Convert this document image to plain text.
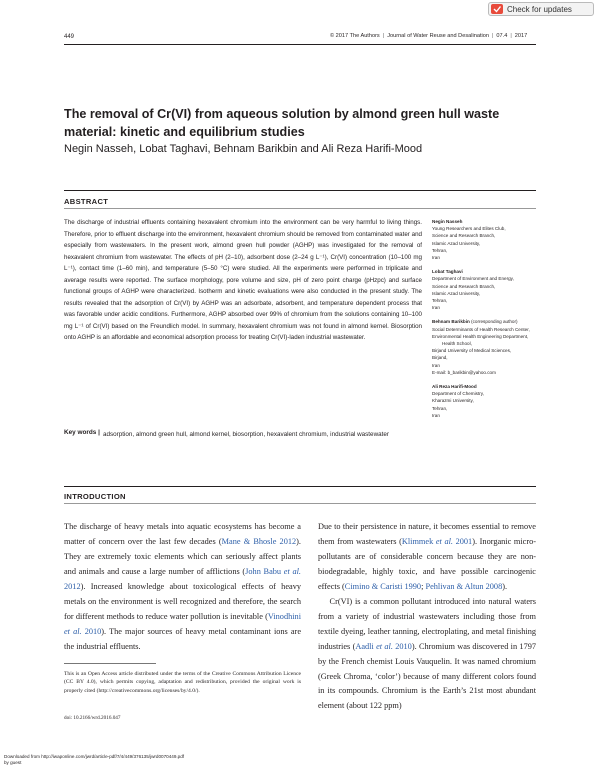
Check for updates
449	© 2017 The Authors | Journal of Water Reuse and Desalination | 07.4 | 2017
The removal of Cr(VI) from aqueous solution by almond green hull waste material: kinetic and equilibrium studies
Negin Nasseh, Lobat Taghavi, Behnam Barikbin and Ali Reza Harifi-Mood
ABSTRACT
The discharge of industrial effluents containing hexavalent chromium into the environment can be very harmful to living things. Therefore, prior to effluent discharge into the environment, hexavalent chromium should be removed from contaminated water and especially from wastewaters. In the present work, almond green hull powder (AGHP) was investigated for the removal of hexavalent chromium from wastewater. The effects of pH (2–10), adsorbent dose (2–24 g L⁻¹), Cr(VI) concentration (10–100 mg L⁻¹), contact time (1–60 min), and temperature (5–50 °C) were studied. All the experiments were performed in triplicate and average results were reported. The surface morphology, pore volume and size, pH of zero point charge (pHzpc) and surface functional groups of AGHP were characterized. Isotherm and kinetic evaluations were also conducted in the present study. The results revealed that the adsorption of Cr(VI) by AGHP was an adsorbate, adsorbent, and temperature dependent process that was favorable under acidic conditions. Furthermore, AGHP absorbed over 99% of chromium from the solutions containing 10–100 mg L⁻¹ of Cr(VI) based on the Freundlich model. In summary, hexavalent chromium was not found in almond kernel. Biosorption onto AGHP is an affordable and economical adsorption process for treating Cr(VI)-laden industrial wastewater.
Key words | adsorption, almond green hull, almond kernel, biosorption, hexavalent chromium, industrial wastewater
Negin Nasseh
Young Researchers and Elites Club,
Science and Research Branch,
Islamic Azad University,
Tehran,
Iran
Lobat Taghavi
Department of Environment and Energy,
Science and Research Branch,
Islamic Azad University,
Tehran,
Iran
Behnam Barikbin (corresponding author)
Social Determinants of Health Research Center,
Environmental Health Engineering Department,
Health School,
Birjand University of Medical Sciences,
Birjand,
Iran
E-mail: b_barikbin@yahoo.com
Ali Reza Harifi-Mood
Department of Chemistry,
Kharazmi University,
Tehran,
Iran
INTRODUCTION
The discharge of heavy metals into aquatic ecosystems has become a matter of concern over the last few decades (Mane & Bhosle 2012). They are extremely toxic elements which can seriously affect plants and animals and cause a large number of afflictions (John Babu et al. 2012). Increased knowledge about toxicological effects of heavy metals on the environment is well recognized and therefore, the search for different methods to reduce water pollution is inevitable (Vinodhini et al. 2010). The major sources of heavy metal contaminant ions are the industrial effluents.
Due to their persistence in nature, it becomes essential to remove them from wastewaters (Klimmek et al. 2001). Inorganic micro-pollutants are of considerable concern because they are non-biodegradable, highly toxic, and have possible carcinogenic effects (Cimino & Caristi 1990; Pehlivan & Altun 2008).
Cr(VI) is a common pollutant introduced into natural waters from a variety of industrial wastewaters including those from textile dyeing, leather tanning, electroplating, and metal finishing industries (Aadli et al. 2010). Chromium was discovered in 1797 by the French chemist Louis Vauquelin. It was named chromium (Greek Chroma, ‘color’) because of many different colors found in its compounds. Chromium is the Earth’s 21st most abundant element (about 122 ppm)
This is an Open Access article distributed under the terms of the Creative Commons Attribution Licence (CC BY 4.0), which permits copying, adaptation and redistribution, provided the original work is properly cited (http://creativecommons.org/licenses/by/4.0/).
doi: 10.2166/wrd.2016.047
Downloaded from http://iwaponline.com/jwrd/article-pdf/7/4/449/376135/jwrd0070449.pdf
by guest
